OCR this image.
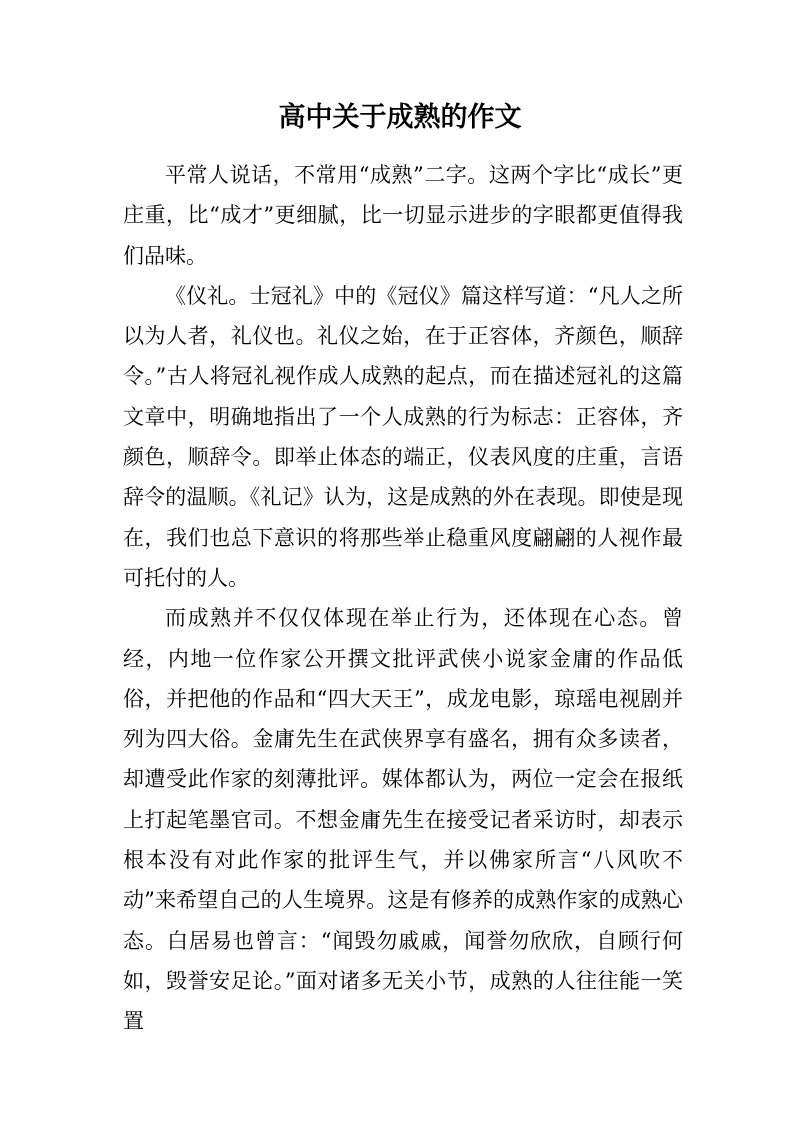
高中关于成熟的作文

平常人说话，不常用“成熟”二字。这两个字比“成长”更庄重，比“成才”更细腻，比一切显示进步的字眼都更值得我们品味。

《仪礼。士冠礼》中的《冠仪》篇这样写道：“凡人之所以为人者，礼仪也。礼仪之始，在于正容体，齐颜色，顺辞令。”古人将冠礼视作成人成熟的起点，而在描述冠礼的这篇文章中，明确地指出了一个人成熟的行为标志：正容体，齐颜色，顺辞令。即举止体态的端正，仪表风度的庄重，言语辞令的温顺。《礼记》认为，这是成熟的外在表现。即使是现在，我们也总下意识的将那些举止稳重风度翩翩的人视作最可托付的人。

而成熟并不仅仅体现在举止行为，还体现在心态。曾经，内地一位作家公开撰文批评武侠小说家金庸的作品低俗，并把他的作品和“四大天王”，成龙电影，琼瑶电视剧并列为四大俗。金庸先生在武侠界享有盛名，拥有众多读者，却遭受此作家的刻薄批评。媒体都认为，两位一定会在报纸上打起笔墨官司。不想金庸先生在接受记者采访时，却表示根本没有对此作家的批评生气，并以佛家所言“八风吹不动”来希望自己的人生境界。这是有修养的成熟作家的成熟心态。白居易也曾言：“闻毁勿戚戚，闻誉勿欣欣，自顾行何如，毁誉安足论。”面对诸多无关小节，成熟的人往往能一笑置
